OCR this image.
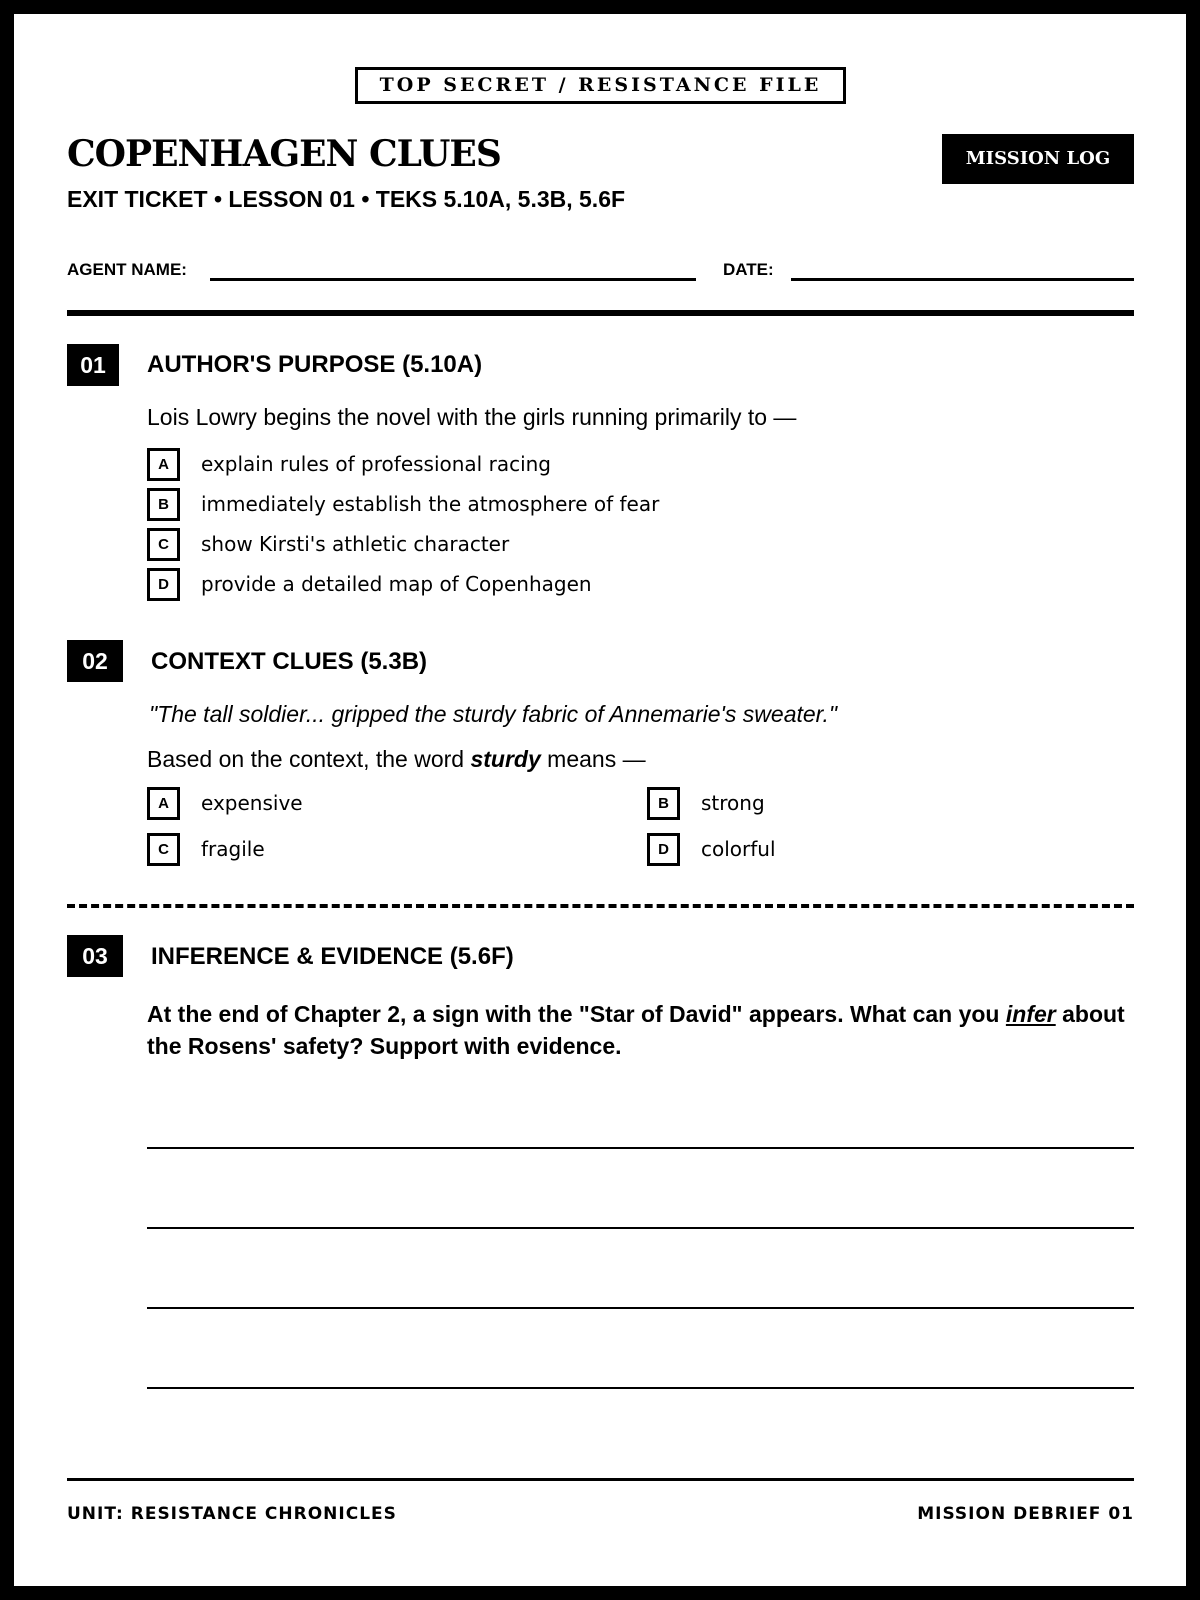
TOP SECRET / RESISTANCE FILE
COPENHAGEN CLUES
EXIT TICKET • LESSON 01 • TEKS 5.10A, 5.3B, 5.6F
MISSION LOG
AGENT NAME:	DATE:
01	AUTHOR'S PURPOSE (5.10A)
Lois Lowry begins the novel with the girls running primarily to —
A	explain rules of professional racing
B	immediately establish the atmosphere of fear
C	show Kirsti's athletic character
D	provide a detailed map of Copenhagen
02	CONTEXT CLUES (5.3B)
"The tall soldier... gripped the sturdy fabric of Annemarie's sweater."
Based on the context, the word sturdy means —
A	expensive	B	strong
C	fragile	D	colorful
03	INFERENCE & EVIDENCE (5.6F)
At the end of Chapter 2, a sign with the "Star of David" appears. What can you infer about the Rosens' safety? Support with evidence.
UNIT: RESISTANCE CHRONICLES	MISSION DEBRIEF 01
